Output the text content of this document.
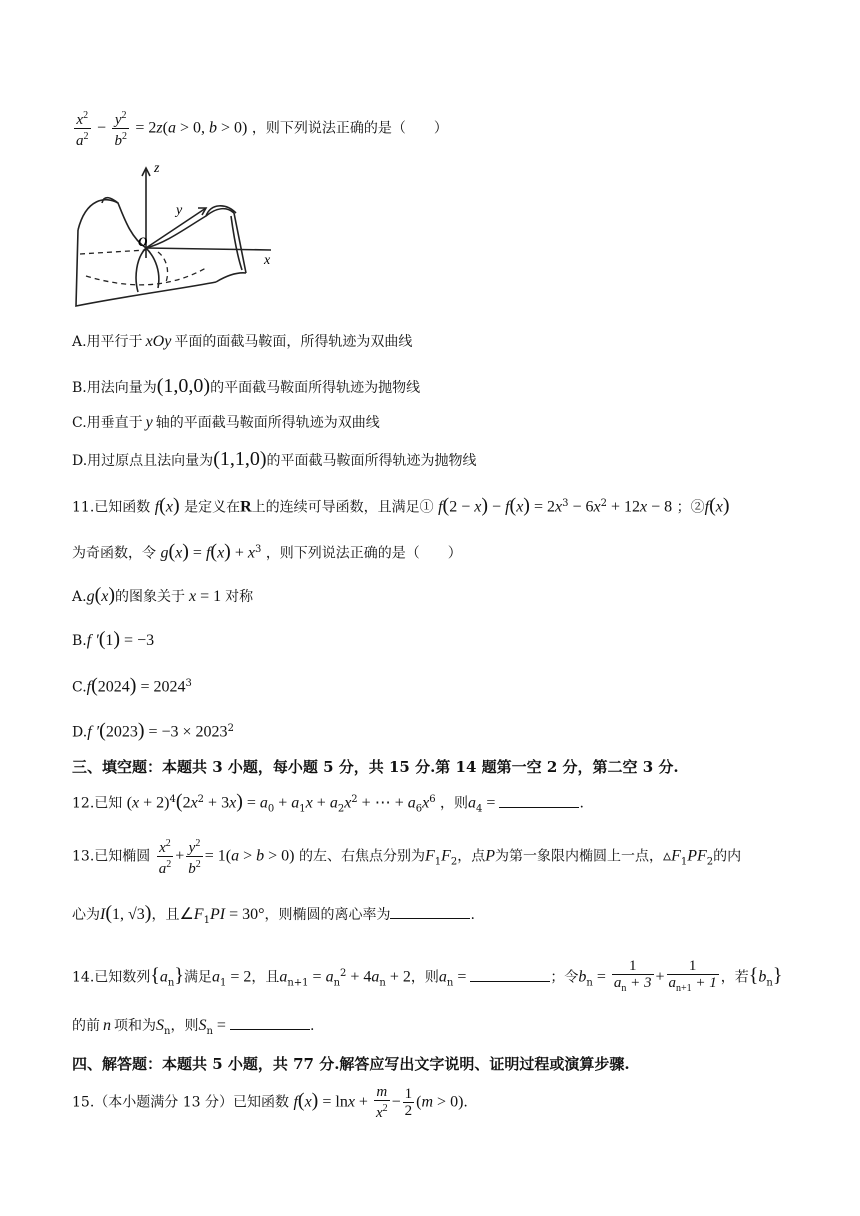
$\frac{x^2}{a^2} - \frac{y^2}{b^2} = 2z(a > 0$, b > 0) ，则下列说法正确的是（　　）
z
y
x
O
A.用平行于 xOy 平面的面截马鞍面，所得轨迹为双曲线
B.用法向量为(1,0,0)的平面截马鞍面所得轨迹为抛物线
C.用垂直于 y 轴的平面截马鞍面所得轨迹为双曲线
D.用过原点且法向量为(1,1,0)的平面截马鞍面所得轨迹为抛物线
11.已知函数 f(x) 是定义在R上的连续可导函数，且满足① $f(2 - x) - f(x) = 2x^3 - 6x^2 + 12x - 8$ ；②f(x)
为奇函数，令 $g(x) = f(x) + x^3$ ，则下列说法正确的是（　　）
A.g(x)的图象关于 x = 1 对称
B.f ′(1) = −3
$C.f(2024) = 2024^3$
D.f $'(2023) = -3 \times 2023^2$
三、填空题：本题共 3 小题，每小题 5 分，共 15 分.第 14 题第一空 2 分，第二空 3 分.
12.已知 $(x + 2)^4(2x^2 + 3x) = a_0 + a_1x + a_2x^2$ + ⋯ + $a_6x^6$ ，则$a_4$ =	.
13.已知椭圆 $\frac{x^2}{a^2} + \frac{y^2}{b^2} = 1(a > b > 0)$ 的左、右焦点分别为$F_1F_2$，点P为第一象限内椭圆上一点，$▵F_1PF_2$的内
心为I(1, √3)，且$\angle F_1PI = 30^\circ$，则椭圆的离心率为	.
14.已知数列$\{a_n\}$满足$a_1 = 2$，且$a_{n+1} = a_n^2 + 4a_n + 2$，则$a_n$ =	；令$b_n = \frac{1}{a_n + 3} + \frac{1}{a_{n+1} + 1}$ ，若$\{b_n\}$
的前 n 项和为$S_n$，则$S_n$ =	.
四、解答题：本题共 5 小题，共 77 分.解答应写出文字说明、证明过程或演算步骤.
15.（本小题满分 13 分）已知函数 $f(x) = \ln x + \frac{m}{x^2} - \frac{1}{2} (m > 0)$.
